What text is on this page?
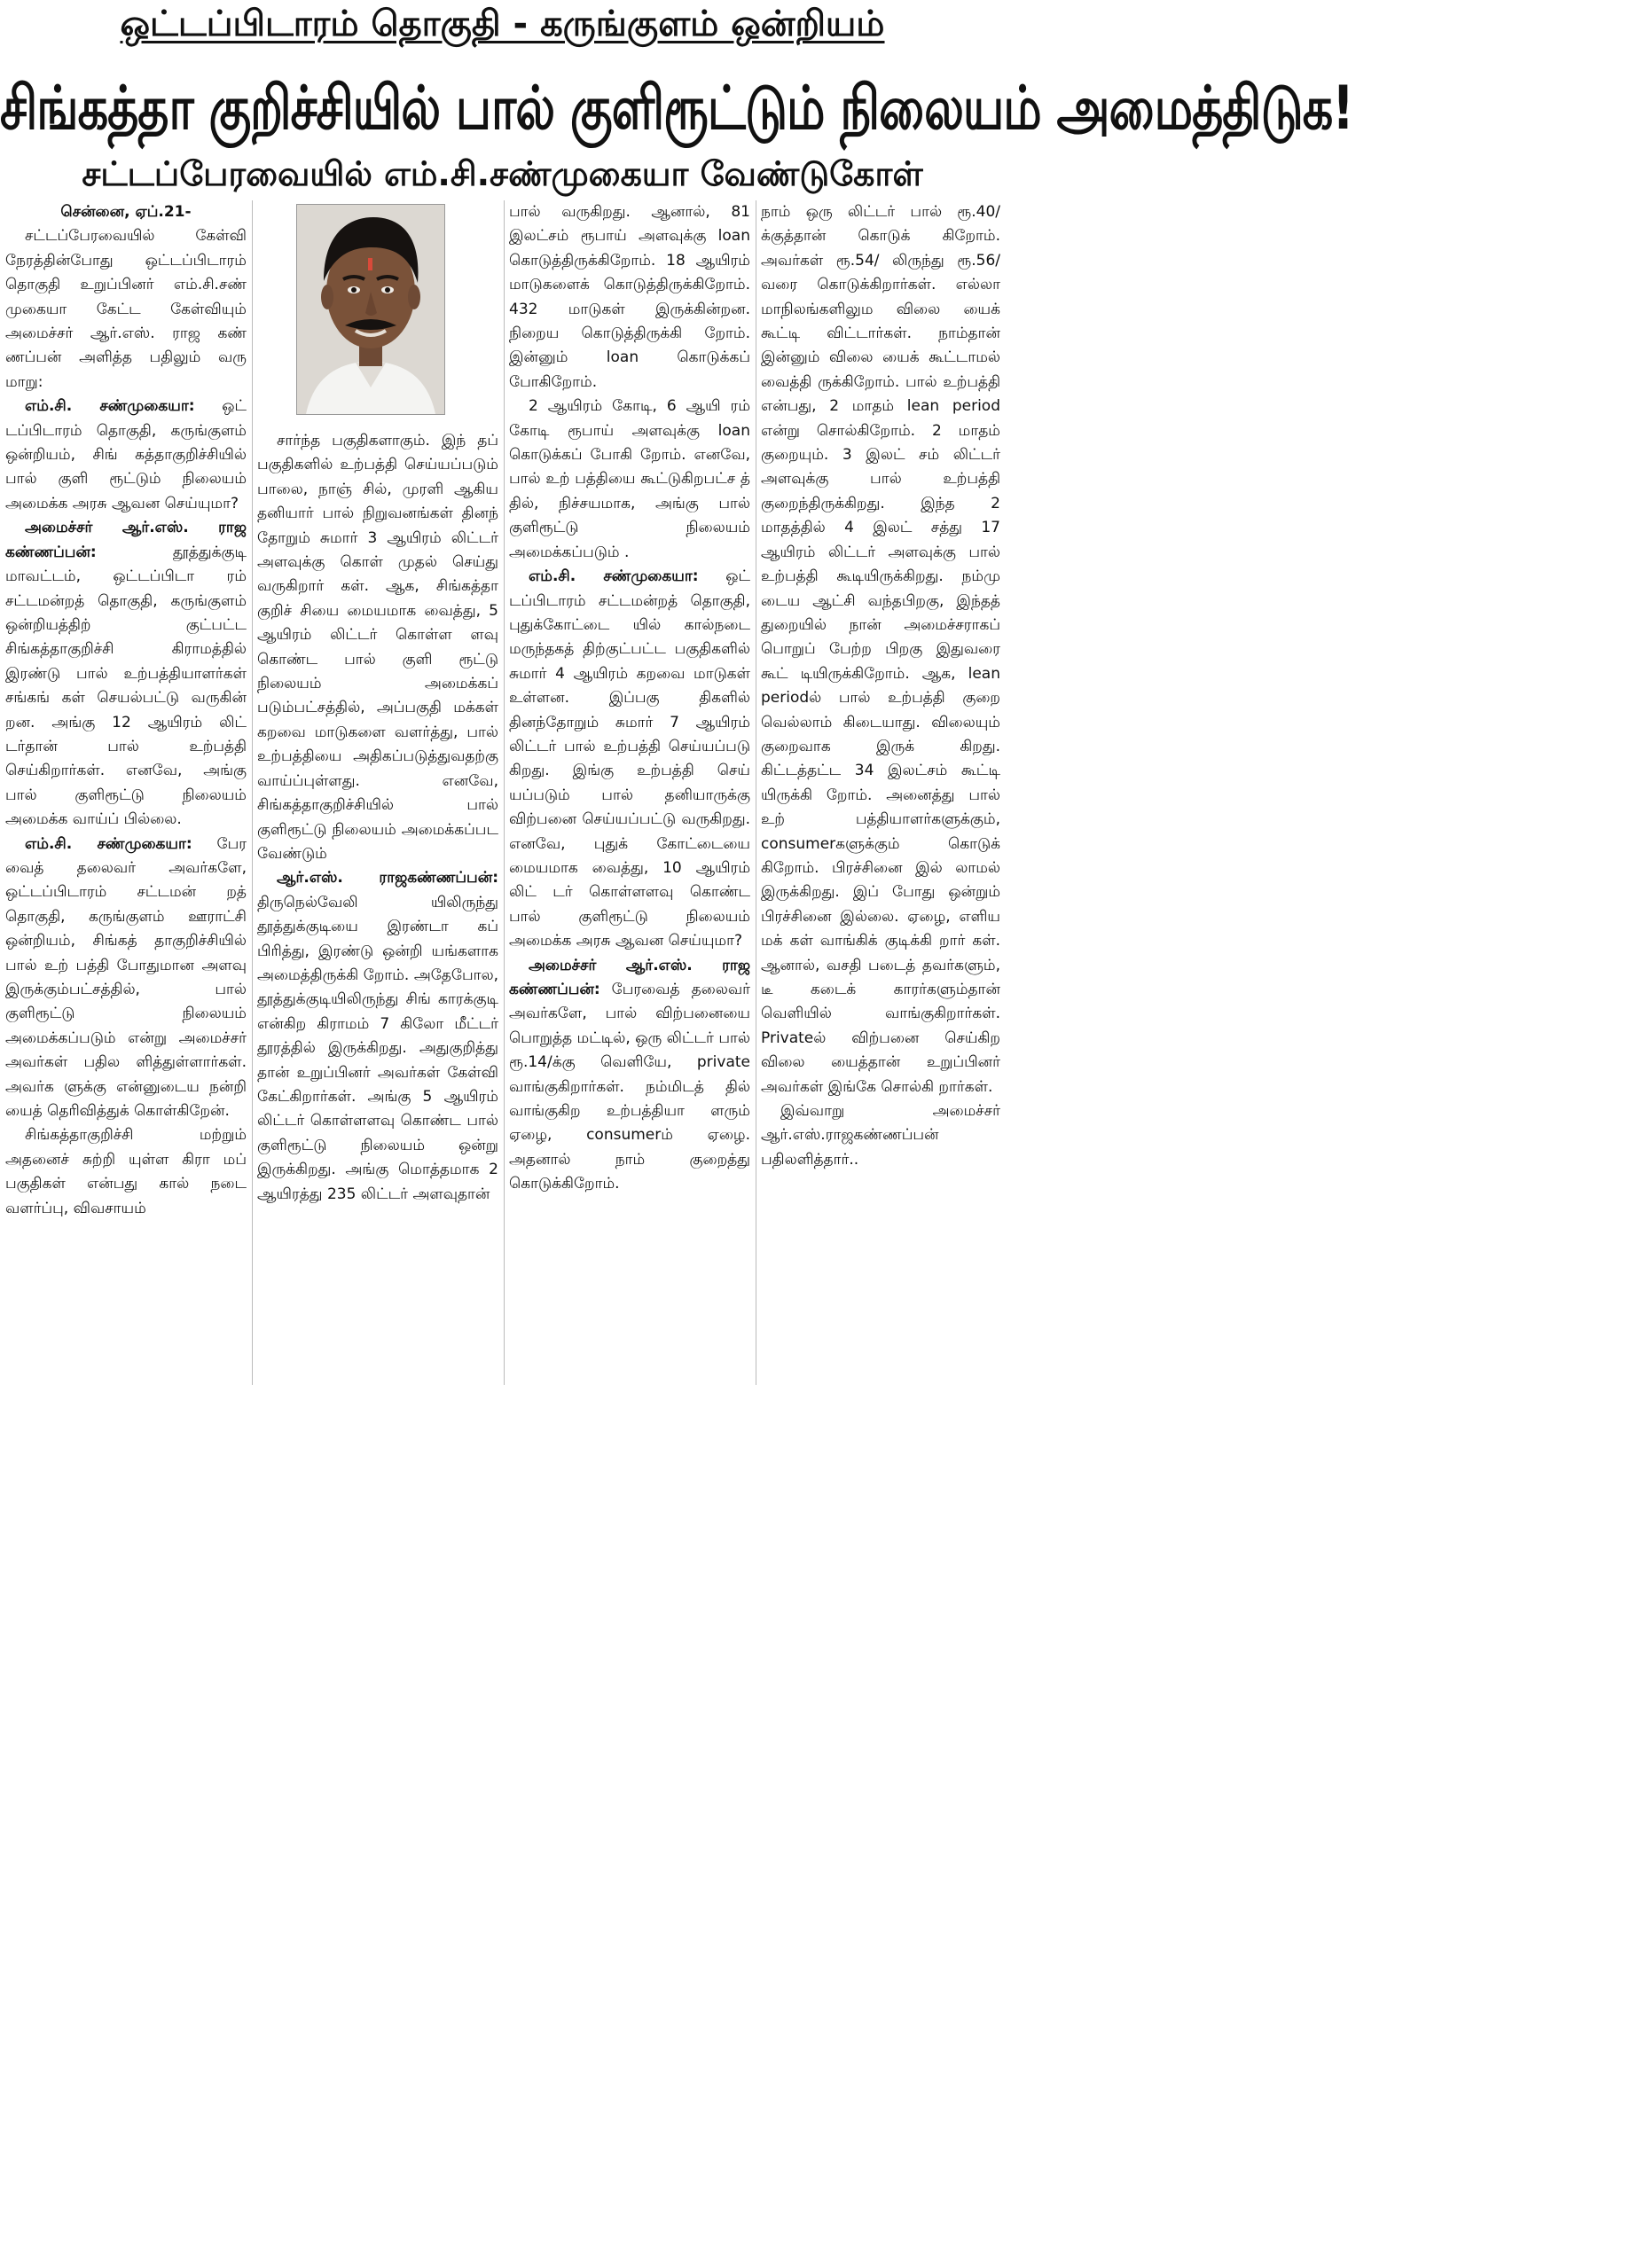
ஒட்டப்பிடாரம் தொகுதி - கருங்குளம் ஒன்றியம்
சிங்கத்தா குறிச்சியில் பால் குளிரூட்டும் நிலையம் அமைத்திடுக!
சட்டப்பேரவையில் எம்.சி.சண்முகையா வேண்டுகோள்
சென்னை, ஏப்.21-

சட்டப்பேரவையில் கேள்வி நேரத்தின்போது ஒட்டப்பிடாரம் தொகுதி உறுப்பினர் எம்.சி.சண் முகையா கேட்ட கேள்வியும் அமைச்சர் ஆர்.எஸ். ராஜ கண் ணப்பன் அளித்த பதிலும் வரு மாறு:

எம்.சி. சண்முகையா: ஒட் டப்பிடாரம் தொகுதி, கருங்குளம் ஒன்றியம், சிங் கத்தாகுறிச்சியில் பால் குளி ரூட்டும் நிலையம் அமைக்க அரசு ஆவன செய்யுமா?

அமைச்சர் ஆர்.எஸ். ராஜ கண்ணப்பன்: தூத்துக்குடி மாவட்டம், ஒட்டப்பிடா ரம் சட்டமன்றத் தொகுதி, கருங்குளம் ஒன்றியத்திற் குட்பட்ட சிங்கத்தாகுறிச்சி கிராமத்தில் இரண்டு பால் உற்பத்தியாளர்கள் சங்கங் கள் செயல்பட்டு வருகின் றன. அங்கு 12 ஆயிரம் லிட் டர்தான் பால் உற்பத்தி செய்கிறார்கள். எனவே, அங்கு பால் குளிரூட்டு நிலையம் அமைக்க வாய்ப் பில்லை.

எம்.சி. சண்முகையா: பேர வைத் தலைவர் அவர்களே, ஒட்டப்பிடாரம் சட்டமன் றத் தொகுதி, கருங்குளம் ஊராட்சி ஒன்றியம், சிங்கத் தாகுறிச்சியில் பால் உற் பத்தி போதுமான அளவு இருக்கும்பட்சத்தில், பால் குளிரூட்டு நிலையம் அமைக்கப்படும் என்று அமைச்சர் அவர்கள் பதில ளித்துள்ளார்கள். அவர்க ளுக்கு என்னுடைய நன்றி யைத் தெரிவித்துக் கொள்கிறேன்.

சிங்கத்தாகுறிச்சி மற்றும் அதனைச் சுற்றி யுள்ள கிரா மப் பகுதிகள் என்பது கால் நடை வளர்ப்பு, விவசாயம்

சார்ந்த பகுதிகளாகும். இந் தப் பகுதிகளில் உற்பத்தி செய்யப்படும் பாலை, நாஞ் சில், முரளி ஆகிய தனியார் பால் நிறுவனங்கள் தினந் தோறும் சுமார் 3 ஆயிரம் லிட்டர் அளவுக்கு கொள் முதல் செய்து வருகிறார் கள். ஆக, சிங்கத்தா குறிச் சியை மையமாக வைத்து, 5 ஆயிரம் லிட்டர் கொள்ள ளவு கொண்ட பால் குளி ரூட்டு நிலையம் அமைக்கப் படும்பட்சத்தில், அப்பகுதி மக்கள் கறவை மாடுகளை வளர்த்து, பால் உற்பத்தியை அதிகப்படுத்துவதற்கு வாய்ப்புள்ளது. எனவே, சிங்கத்தாகுறிச்சியில் பால் குளிரூட்டு நிலையம் அமைக்கப்பட வேண்டும்

ஆர்.எஸ். ராஜகண்ணப்பன்: திருநெல்வேலி யிலிருந்து தூத்துக்குடியை இரண்டா கப் பிரித்து, இரண்டு ஒன்றி யங்களாக அமைத்திருக்கி றோம். அதேபோல, தூத்துக்குடியிலிருந்து சிங் காரக்குடி என்கிற கிராமம் 7 கிலோ மீட்டர் தூரத்தில் இருக்கிறது. அதுகுறித்து தான் உறுப்பினர் அவர்கள் கேள்வி கேட்கிறார்கள். அங்கு 5 ஆயிரம் லிட்டர் கொள்ளளவு கொண்ட பால் குளிரூட்டு நிலையம் ஒன்று இருக்கிறது. அங்கு மொத்தமாக 2 ஆயிரத்து 235 லிட்டர் அளவுதான்

பால் வருகிறது. ஆனால், 81 இலட்சம் ரூபாய் அளவுக்கு loan கொடுத்திருக்கிறோம். 18 ஆயிரம் மாடுகளைக் கொடுத்திருக்கிறோம். 432 மாடுகள் இருக்கின்றன. நிறைய கொடுத்திருக்கி றோம். இன்னும் loan கொடுக்கப் போகிறோம்.

2 ஆயிரம் கோடி, 6 ஆயி ரம் கோடி ரூபாய் அளவுக்கு loan கொடுக்கப் போகி றோம். எனவே, பால் உற் பத்தியை கூட்டுகிறபட்ச த் தில், நிச்சயமாக, அங்கு பால் குளிரூட்டு நிலையம் அமைக்கப்படும் .

எம்.சி. சண்முகையா: ஒட் டப்பிடாரம் சட்டமன்றத் தொகுதி, புதுக்கோட்டை யில் கால்நடை மருந்தகத் திற்குட்பட்ட பகுதிகளில் சுமார் 4 ஆயிரம் கறவை மாடுகள் உள்ளன. இப்பகு திகளில் தினந்தோறும் சுமார் 7 ஆயிரம் லிட்டர் பால் உற்பத்தி செய்யப்படு கிறது. இங்கு உற்பத்தி செய் யப்படும் பால் தனியாருக்கு விற்பனை செய்யப்பட்டு வருகிறது. எனவே, புதுக் கோட்டையை மையமாக வைத்து, 10 ஆயிரம் லிட் டர் கொள்ளளவு கொண்ட பால் குளிரூட்டு நிலையம் அமைக்க அரசு ஆவன செய்யுமா?

அமைச்சர் ஆர்.எஸ். ராஜ கண்ணப்பன்: பேரவைத் தலைவர் அவர்களே, பால் விற்பனையை பொறுத்த மட்டில், ஒரு லிட்டர் பால் ரூ.14/க்கு வெளியே, private வாங்குகிறார்கள். நம்மிடத் தில் வாங்குகிற உற்பத்தியா ளரும் ஏழை, consumerம் ஏழை. அதனால் நாம் குறைத்து கொடுக்கிறோம்.

நாம் ஒரு லிட்டர் பால் ரூ.40/க்குத்தான் கொடுக் கிறோம். அவர்கள் ரூ.54/ லிருந்து ரூ.56/ வரை கொடுக்கிறார்கள். எல்லா மாநிலங்களிலும விலை யைக் கூட்டி விட்டார்கள். நாம்தான் இன்னும் விலை யைக் கூட்டாமல் வைத்தி ருக்கிறோம். பால் உற்பத்தி என்பது, 2 மாதம் lean period என்று சொல்கிறோம். 2 மாதம் குறையும். 3 இலட் சம் லிட்டர் அளவுக்கு பால் உற்பத்தி குறைந்திருக்கிறது. இந்த 2 மாதத்தில் 4 இலட் சத்து 17 ஆயிரம் லிட்டர் அளவுக்கு பால் உற்பத்தி கூடியிருக்கிறது. நம்மு டைய ஆட்சி வந்தபிறகு, இந்தத் துறையில் நான் அமைச்சராகப் பொறுப் பேற்ற பிறகு இதுவரை கூட் டியிருக்கிறோம். ஆக, lean periodல் பால் உற்பத்தி குறை வெல்லாம் கிடையாது. விலையும் குறைவாக இருக் கிறது. கிட்டத்தட்ட 34 இலட்சம் கூட்டி யிருக்கி றோம். அனைத்து பால் உற் பத்தியாளர்களுக்கும், consumerகளுக்கும் கொடுக் கிறோம். பிரச்சினை இல் லாமல் இருக்கிறது. இப் போது ஒன்றும் பிரச்சினை இல்லை. ஏழை, எளிய மக் கள் வாங்கிக் குடிக்கி றார் கள். ஆனால், வசதி படைத் தவர்களும், டீ கடைக் காரர்களும்தான் வெளியில் வாங்குகிறார்கள். Privateல் விற்பனை செய்கிற விலை யைத்தான் உறுப்பினர் அவர்கள் இங்கே சொல்கி றார்கள்.

இவ்வாறு அமைச்சர் ஆர்.எஸ்.ராஜகண்ணப்பன் பதிலளித்தார்..
